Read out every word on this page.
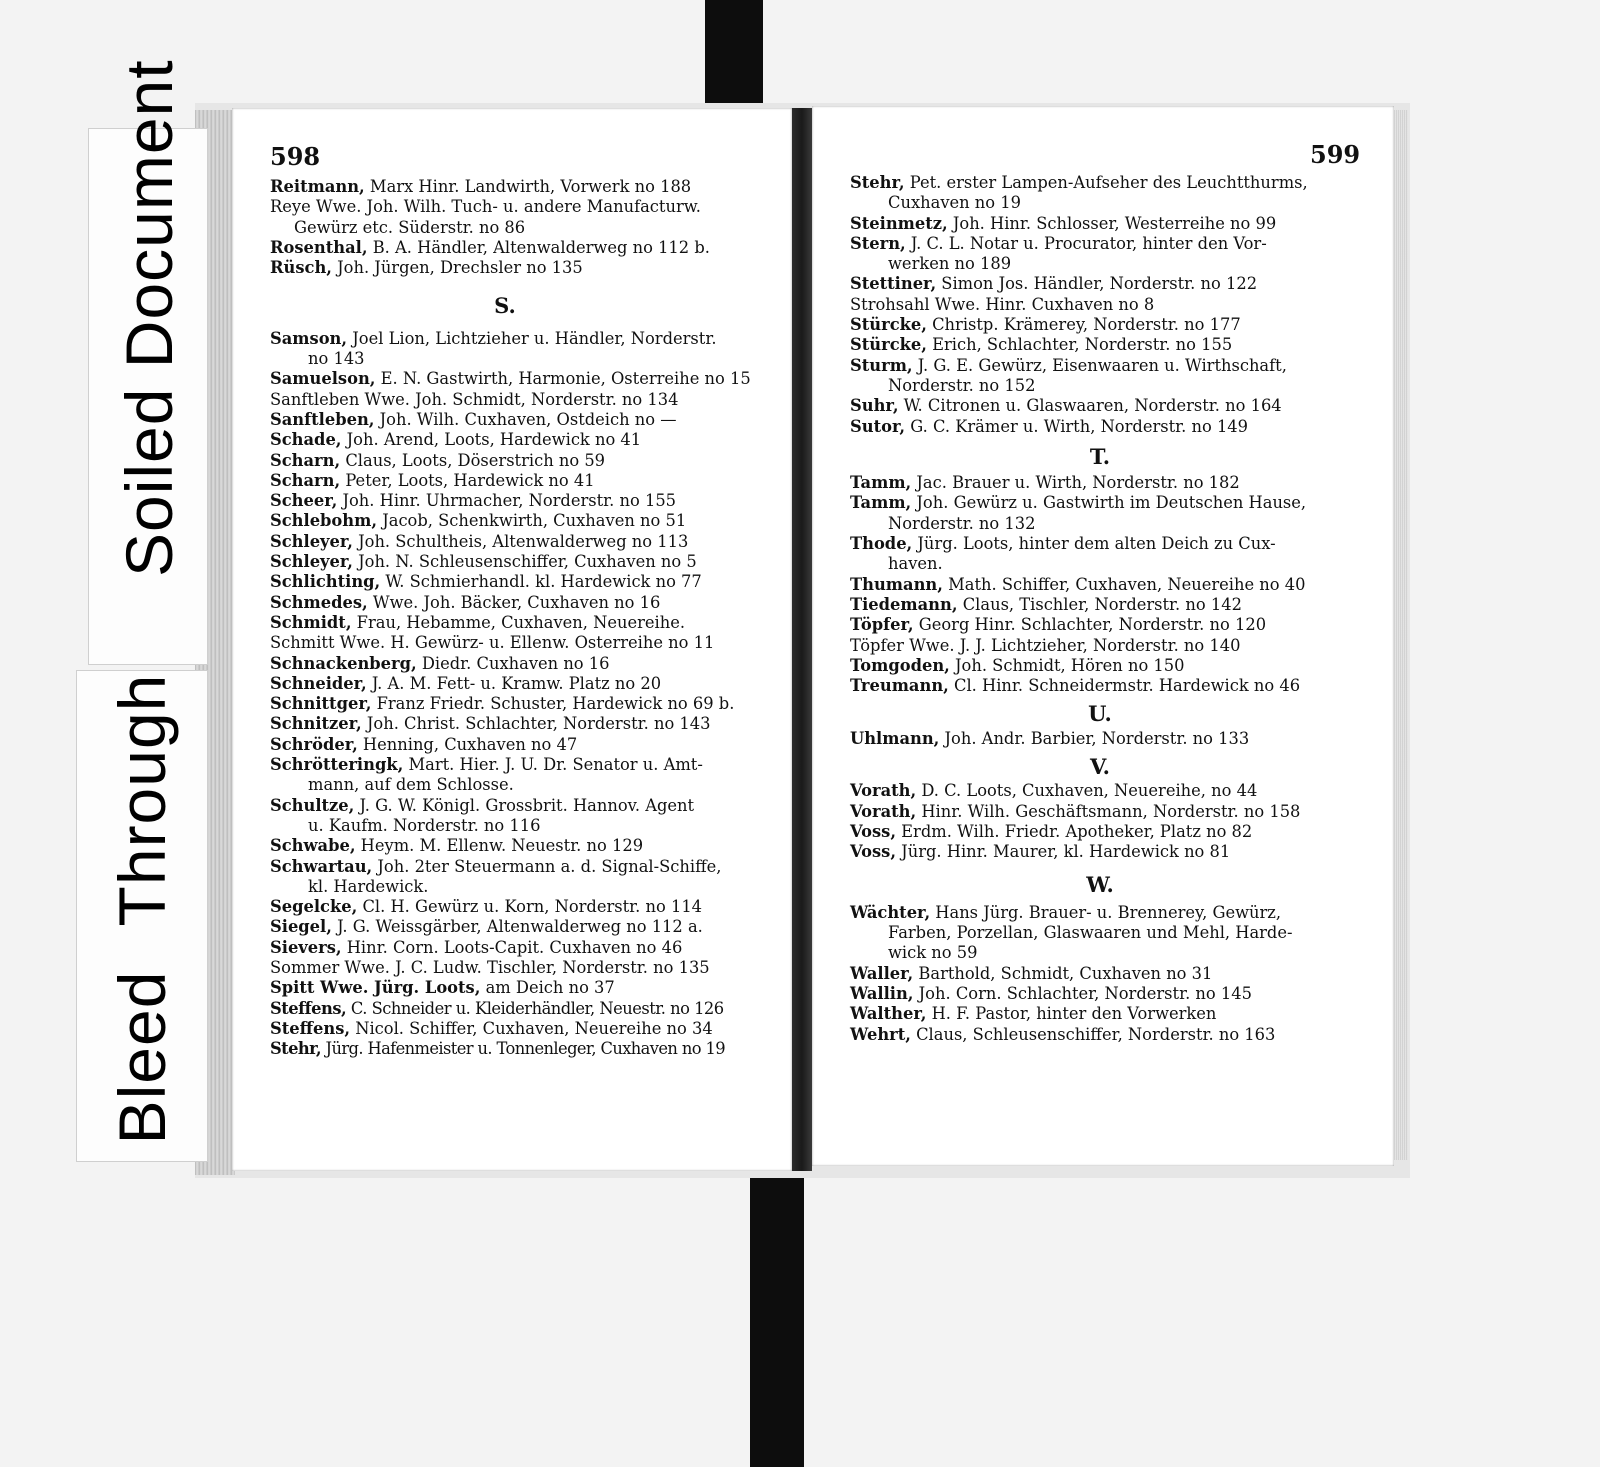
Soiled Document
Bleed Through
598	599
Reitmann, Marx Hinr. Landwirth, Vorwerk no 188
Reye Wwe. Joh. Wilh. Tuch- u. andere Manufacturw.
Gewürz etc. Süderstr. no 86
Rosenthal, B. A. Händler, Altenwalderweg no 112 b.
Rüsch, Joh. Jürgen, Drechsler no 135
S.
Samson, Joel Lion, Lichtzieher u. Händler, Norderstr.
no 143
Samuelson, E. N. Gastwirth, Harmonie, Osterreihe no 15
Sanftleben Wwe. Joh. Schmidt, Norderstr. no 134
Sanftleben, Joh. Wilh. Cuxhaven, Ostdeich no —
Schade, Joh. Arend, Loots, Hardewick no 41
Scharn, Claus, Loots, Döserstrich no 59
Scharn, Peter, Loots, Hardewick no 41
Scheer, Joh. Hinr. Uhrmacher, Norderstr. no 155
Schlebohm, Jacob, Schenkwirth, Cuxhaven no 51
Schleyer, Joh. Schultheis, Altenwalderweg no 113
Schleyer, Joh. N. Schleusenschiffer, Cuxhaven no 5
Schlichting, W. Schmierhandl. kl. Hardewick no 77
Schmedes, Wwe. Joh. Bäcker, Cuxhaven no 16
Schmidt, Frau, Hebamme, Cuxhaven, Neuereihe.
Schmitt Wwe. H. Gewürz- u. Ellenw. Osterreihe no 11
Schnackenberg, Diedr. Cuxhaven no 16
Schneider, J. A. M. Fett- u. Kramw. Platz no 20
Schnittger, Franz Friedr. Schuster, Hardewick no 69 b.
Schnitzer, Joh. Christ. Schlachter, Norderstr. no 143
Schröder, Henning, Cuxhaven no 47
Schrötteringk, Mart. Hier. J. U. Dr. Senator u. Amt-
mann, auf dem Schlosse.
Schultze, J. G. W. Königl. Grossbrit. Hannov. Agent
u. Kaufm. Norderstr. no 116
Schwabe, Heym. M. Ellenw. Neuestr. no 129
Schwartau, Joh. 2ter Steuermann a. d. Signal-Schiffe,
kl. Hardewick.
Segelcke, Cl. H. Gewürz u. Korn, Norderstr. no 114
Siegel, J. G. Weissgärber, Altenwalderweg no 112 a.
Sievers, Hinr. Corn. Loots-Capit. Cuxhaven no 46
Sommer Wwe. J. C. Ludw. Tischler, Norderstr. no 135
Spitt Wwe. Jürg. Loots, am Deich no 37
Steffens, C. Schneider u. Kleiderhändler, Neuestr. no 126
Steffens, Nicol. Schiffer, Cuxhaven, Neuereihe no 34
Stehr, Jürg. Hafenmeister u. Tonnenleger, Cuxhaven no 19
Stehr, Pet. erster Lampen-Aufseher des Leuchtthurms,
Cuxhaven no 19
Steinmetz, Joh. Hinr. Schlosser, Westerreihe no 99
Stern, J. C. L. Notar u. Procurator, hinter den Vor-
werken no 189
Stettiner, Simon Jos. Händler, Norderstr. no 122
Strohsahl Wwe. Hinr. Cuxhaven no 8
Stürcke, Christp. Krämerey, Norderstr. no 177
Stürcke, Erich, Schlachter, Norderstr. no 155
Sturm, J. G. E. Gewürz, Eisenwaaren u. Wirthschaft,
Norderstr. no 152
Suhr, W. Citronen u. Glaswaaren, Norderstr. no 164
Sutor, G. C. Krämer u. Wirth, Norderstr. no 149
T.
Tamm, Jac. Brauer u. Wirth, Norderstr. no 182
Tamm, Joh. Gewürz u. Gastwirth im Deutschen Hause,
Norderstr. no 132
Thode, Jürg. Loots, hinter dem alten Deich zu Cux-
haven.
Thumann, Math. Schiffer, Cuxhaven, Neuereihe no 40
Tiedemann, Claus, Tischler, Norderstr. no 142
Töpfer, Georg Hinr. Schlachter, Norderstr. no 120
Töpfer Wwe. J. J. Lichtzieher, Norderstr. no 140
Tomgoden, Joh. Schmidt, Hören no 150
Treumann, Cl. Hinr. Schneidermstr. Hardewick no 46
U.
Uhlmann, Joh. Andr. Barbier, Norderstr. no 133
V.
Vorath, D. C. Loots, Cuxhaven, Neuereihe, no 44
Vorath, Hinr. Wilh. Geschäftsmann, Norderstr. no 158
Voss, Erdm. Wilh. Friedr. Apotheker, Platz no 82
Voss, Jürg. Hinr. Maurer, kl. Hardewick no 81
W.
Wächter, Hans Jürg. Brauer- u. Brennerey, Gewürz,
Farben, Porzellan, Glaswaaren und Mehl, Harde-
wick no 59
Waller, Barthold, Schmidt, Cuxhaven no 31
Wallin, Joh. Corn. Schlachter, Norderstr. no 145
Walther, H. F. Pastor, hinter den Vorwerken
Wehrt, Claus, Schleusenschiffer, Norderstr. no 163
